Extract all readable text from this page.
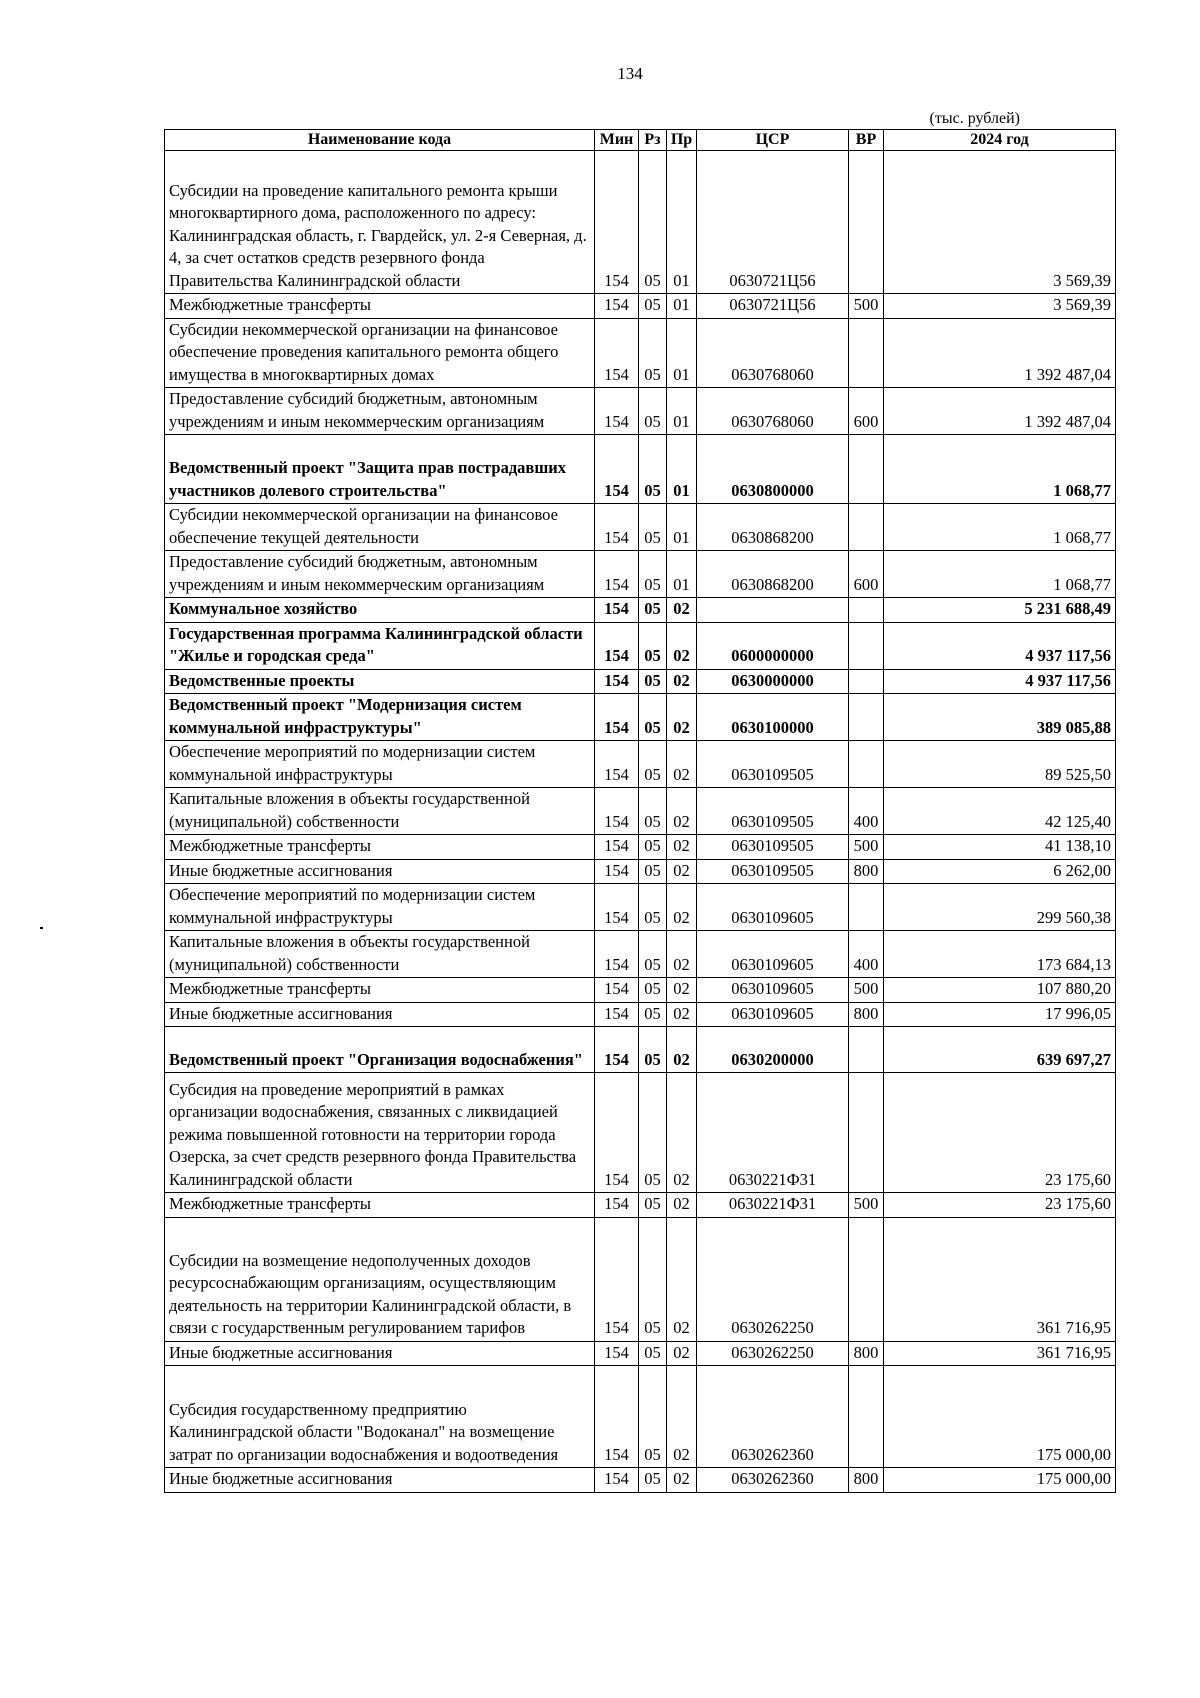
134
(тыс. рублей)
Наименование кода	Мин	Рз	Пр	ЦСР	ВР	2024 год
Субсидии на проведение капитального ремонта крыши многоквартирного дома, расположенного по адресу: Калининградская область, г. Гвардейск, ул. 2-я Северная, д. 4, за счет остатков средств резервного фонда Правительства Калининградской области	154	05	01	0630721Ц56		3 569,39
Межбюджетные трансферты	154	05	01	0630721Ц56	500	3 569,39
Субсидии некоммерческой организации на финансовое обеспечение проведения капитального ремонта общего имущества в многоквартирных домах	154	05	01	0630768060		1 392 487,04
Предоставление субсидий бюджетным, автономным учреждениям и иным некоммерческим организациям	154	05	01	0630768060	600	1 392 487,04
Ведомственный проект "Защита прав пострадавших участников долевого строительства"	154	05	01	0630800000		1 068,77
Субсидии некоммерческой организации на финансовое обеспечение текущей деятельности	154	05	01	0630868200		1 068,77
Предоставление субсидий бюджетным, автономным учреждениям и иным некоммерческим организациям	154	05	01	0630868200	600	1 068,77
Коммунальное хозяйство	154	05	02			5 231 688,49
Государственная программа Калининградской области "Жилье и городская среда"	154	05	02	0600000000		4 937 117,56
Ведомственные проекты	154	05	02	0630000000		4 937 117,56
Ведомственный проект "Модернизация систем коммунальной инфраструктуры"	154	05	02	0630100000		389 085,88
Обеспечение мероприятий по модернизации систем коммунальной инфраструктуры	154	05	02	0630109505		89 525,50
Капитальные вложения в объекты государственной (муниципальной) собственности	154	05	02	0630109505	400	42 125,40
Межбюджетные трансферты	154	05	02	0630109505	500	41 138,10
Иные бюджетные ассигнования	154	05	02	0630109505	800	6 262,00
Обеспечение мероприятий по модернизации систем коммунальной инфраструктуры	154	05	02	0630109605		299 560,38
Капитальные вложения в объекты государственной (муниципальной) собственности	154	05	02	0630109605	400	173 684,13
Межбюджетные трансферты	154	05	02	0630109605	500	107 880,20
Иные бюджетные ассигнования	154	05	02	0630109605	800	17 996,05
Ведомственный проект "Организация водоснабжения"	154	05	02	0630200000		639 697,27
Субсидия на проведение мероприятий в рамках организации водоснабжения, связанных с ликвидацией режима повышенной готовности на территории города Озерска, за счет средств резервного фонда Правительства Калининградской области	154	05	02	0630221Ф31		23 175,60
Межбюджетные трансферты	154	05	02	0630221Ф31	500	23 175,60
Субсидии на возмещение недополученных доходов ресурсоснабжающим организациям, осуществляющим деятельность на территории Калининградской области, в связи с государственным регулированием тарифов	154	05	02	0630262250		361 716,95
Иные бюджетные ассигнования	154	05	02	0630262250	800	361 716,95
Субсидия государственному предприятию Калининградской области "Водоканал" на возмещение затрат по организации водоснабжения и водоотведения	154	05	02	0630262360		175 000,00
Иные бюджетные ассигнования	154	05	02	0630262360	800	175 000,00
